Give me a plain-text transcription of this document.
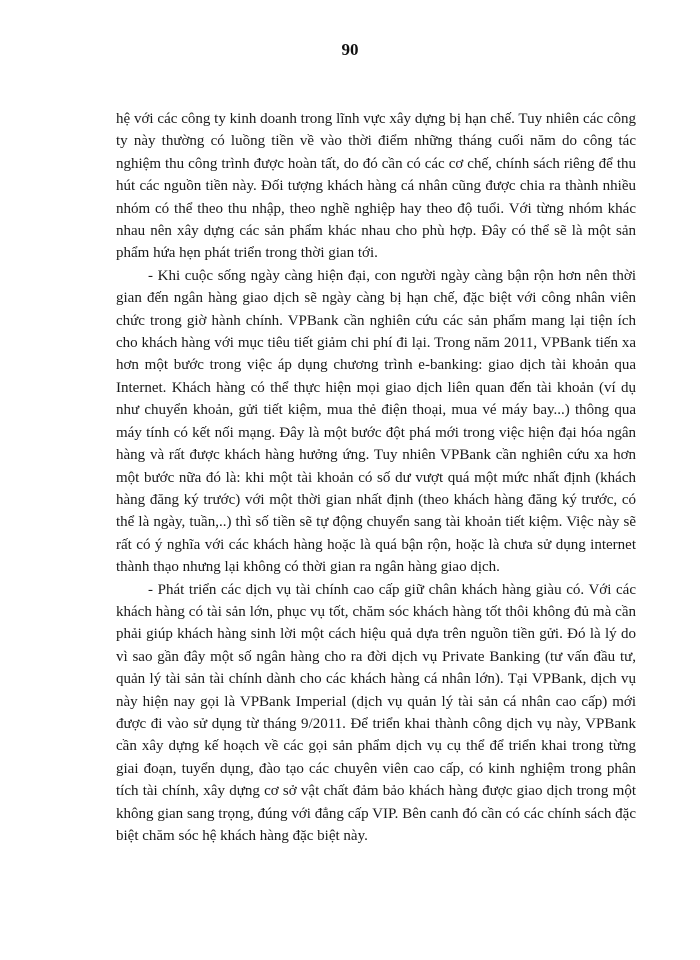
90

hệ với các công ty kinh doanh trong lĩnh vực xây dựng bị hạn chế. Tuy nhiên các công ty này thường có luồng tiền về vào thời điểm những tháng cuối năm do công tác nghiệm thu công trình được hoàn tất, do đó cần có các cơ chế, chính sách riêng để thu hút các nguồn tiền này. Đối tượng khách hàng cá nhân cũng được chia ra thành nhiều nhóm có thể theo thu nhập, theo nghề nghiệp hay theo độ tuổi. Với từng nhóm khác nhau nên xây dựng các sản phẩm khác nhau cho phù hợp. Đây có thể sẽ là một sản phẩm hứa hẹn phát triển trong thời gian tới.

- Khi cuộc sống ngày càng hiện đại, con người ngày càng bận rộn hơn nên thời gian đến ngân hàng giao dịch sẽ ngày càng bị hạn chế, đặc biệt với công nhân viên chức trong giờ hành chính. VPBank cần nghiên cứu các sản phẩm mang lại tiện ích cho khách hàng với mục tiêu tiết giảm chi phí đi lại. Trong năm 2011, VPBank tiến xa hơn một bước trong việc áp dụng chương trình e-banking: giao dịch tài khoản qua Internet. Khách hàng có thể thực hiện mọi giao dịch liên quan đến tài khoản (ví dụ như chuyển khoản, gửi tiết kiệm, mua thẻ điện thoại, mua vé máy bay...) thông qua máy tính có kết nối mạng. Đây là một bước đột phá mới trong việc hiện đại hóa ngân hàng và rất được khách hàng hưởng ứng. Tuy nhiên VPBank cần nghiên cứu xa hơn một bước nữa đó là: khi một tài khoản có số dư vượt quá một mức nhất định (khách hàng đăng ký trước) với một thời gian nhất định (theo khách hàng đăng ký trước, có thể là ngày, tuần,..) thì số tiền sẽ tự động chuyển sang tài khoản tiết kiệm. Việc này sẽ rất có ý nghĩa với các khách hàng hoặc là quá bận rộn, hoặc là chưa sử dụng internet thành thạo nhưng lại không có thời gian ra ngân hàng giao dịch.

- Phát triển các dịch vụ tài chính cao cấp giữ chân khách hàng giàu có. Với các khách hàng có tài sản lớn, phục vụ tốt, chăm sóc khách hàng tốt thôi không đủ mà cần phải giúp khách hàng sinh lời một cách hiệu quả dựa trên nguồn tiền gửi. Đó là lý do vì sao gần đây một số ngân hàng cho ra đời dịch vụ Private Banking (tư vấn đầu tư, quản lý tài sản tài chính dành cho các khách hàng cá nhân lớn). Tại VPBank, dịch vụ này hiện nay gọi là VPBank Imperial (dịch vụ quản lý tài sản cá nhân cao cấp) mới được đi vào sử dụng từ tháng 9/2011. Để triển khai thành công dịch vụ này, VPBank cần xây dựng kế hoạch về các gọi sản phẩm dịch vụ cụ thể để triển khai trong từng giai đoạn, tuyển dụng, đào tạo các chuyên viên cao cấp, có kinh nghiệm trong phân tích tài chính, xây dựng cơ sở vật chất đảm bảo khách hàng được giao dịch trong một không gian sang trọng, đúng với đẳng cấp VIP. Bên canh đó cần có các chính sách đặc biệt chăm sóc hệ khách hàng đặc biệt này.
